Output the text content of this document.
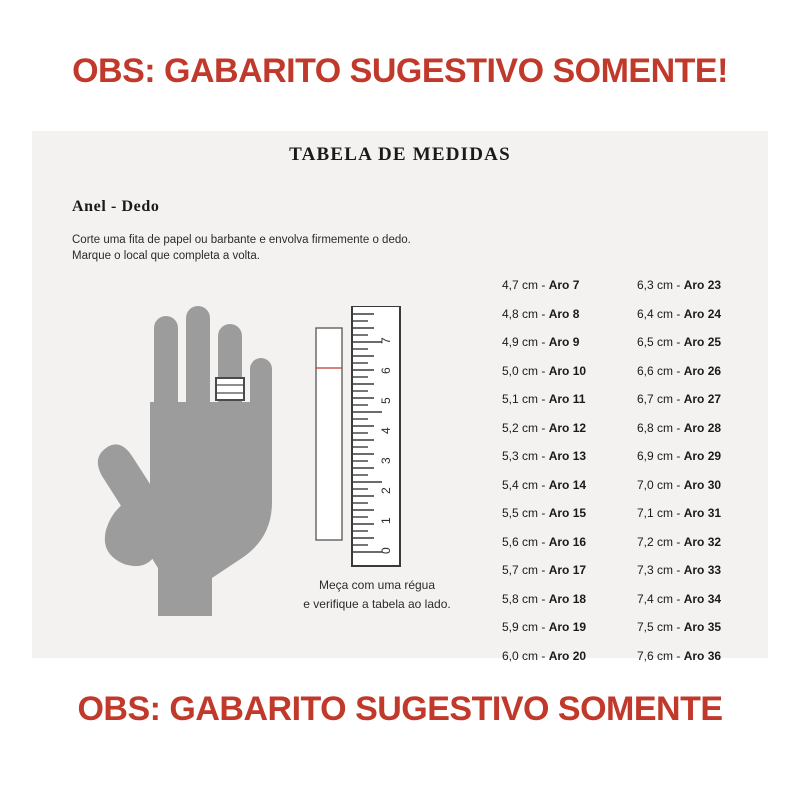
OBS: GABARITO SUGESTIVO SOMENTE!
TABELA DE MEDIDAS
Anel - Dedo
Corte uma fita de papel ou barbante e envolva firmemente o dedo.
Marque o local que completa a volta.
0
1
2
3
4
5
6
7
Meça com uma régua
e verifique a tabela ao lado.
4,7 cm - Aro 7
4,8 cm - Aro 8
4,9 cm - Aro 9
5,0 cm - Aro 10
5,1 cm - Aro 11
5,2 cm - Aro 12
5,3 cm - Aro 13
5,4 cm - Aro 14
5,5 cm - Aro 15
5,6 cm - Aro 16
5,7 cm - Aro 17
5,8 cm - Aro 18
5,9 cm - Aro 19
6,0 cm - Aro 20
6,3 cm - Aro 23
6,4 cm - Aro 24
6,5 cm - Aro 25
6,6 cm - Aro 26
6,7 cm - Aro 27
6,8 cm - Aro 28
6,9 cm - Aro 29
7,0 cm - Aro 30
7,1 cm - Aro 31
7,2 cm - Aro 32
7,3 cm - Aro 33
7,4 cm - Aro 34
7,5 cm - Aro 35
7,6 cm - Aro 36
OBS: GABARITO SUGESTIVO SOMENTE
